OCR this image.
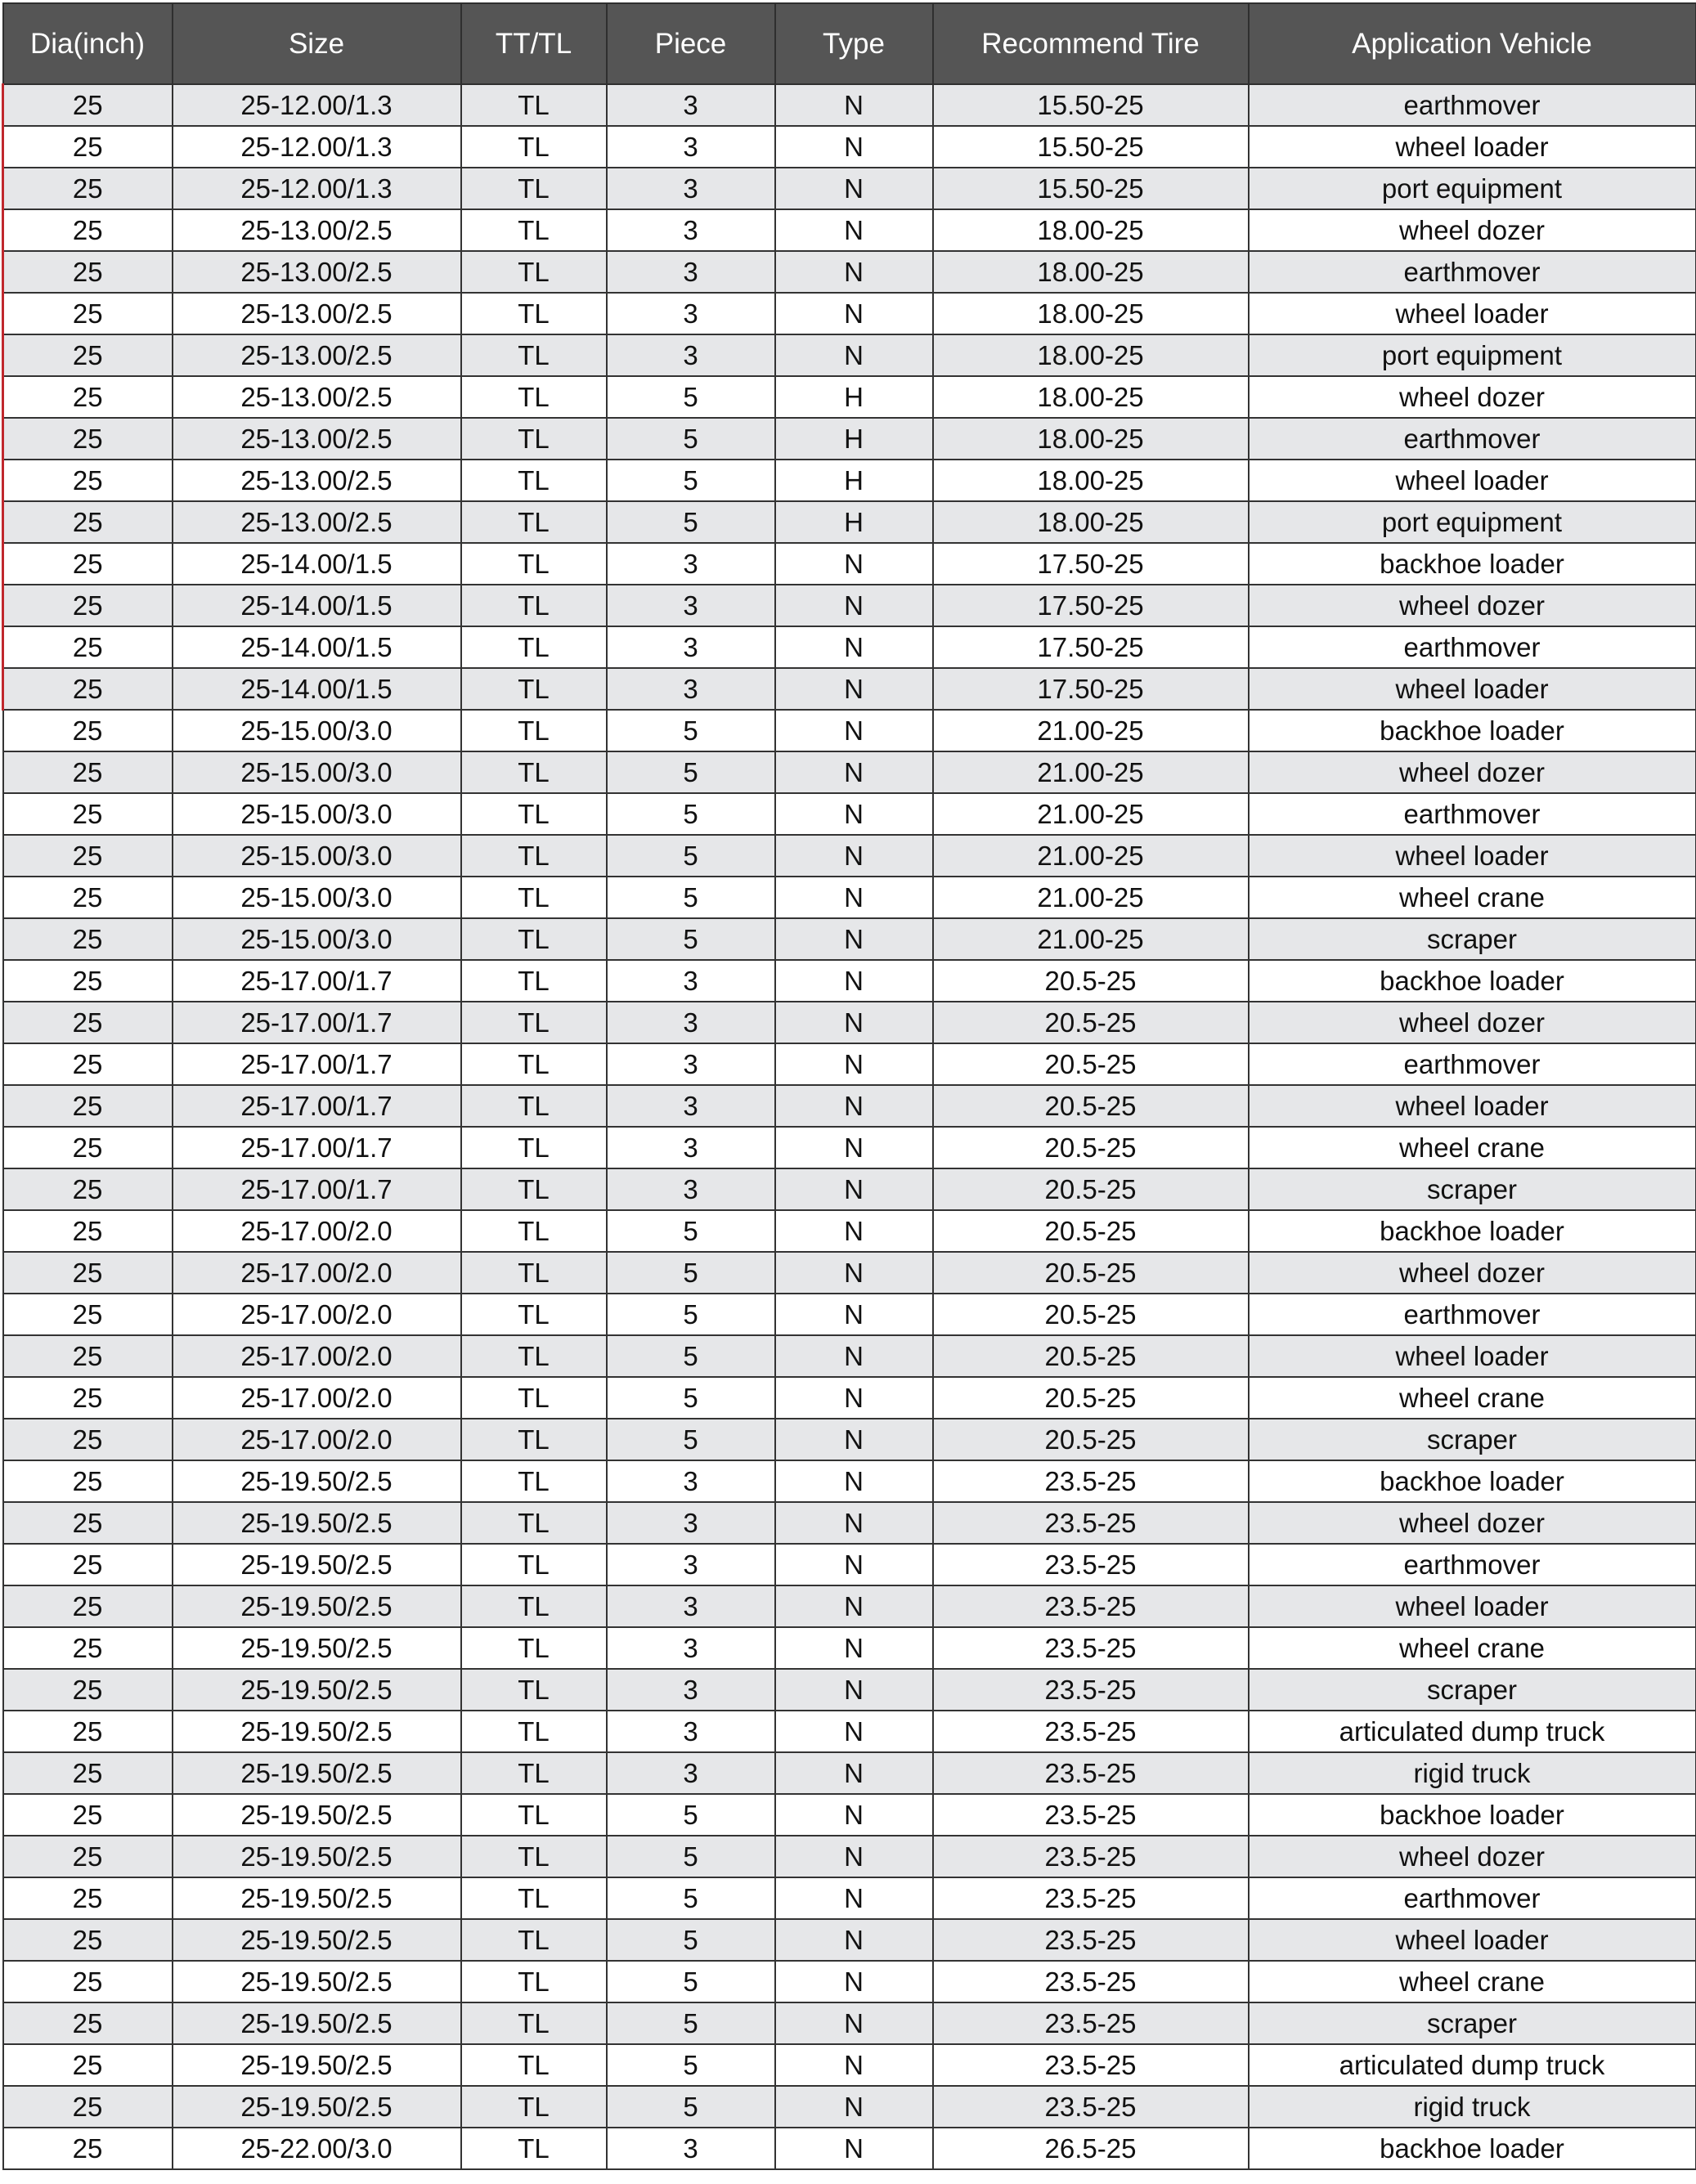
Dia(inch)	Size	TT/TL	Piece	Type	Recommend Tire	Application Vehicle
25	25-12.00/1.3	TL	3	N	15.50-25	earthmover
25	25-12.00/1.3	TL	3	N	15.50-25	wheel loader
25	25-12.00/1.3	TL	3	N	15.50-25	port equipment
25	25-13.00/2.5	TL	3	N	18.00-25	wheel dozer
25	25-13.00/2.5	TL	3	N	18.00-25	earthmover
25	25-13.00/2.5	TL	3	N	18.00-25	wheel loader
25	25-13.00/2.5	TL	3	N	18.00-25	port equipment
25	25-13.00/2.5	TL	5	H	18.00-25	wheel dozer
25	25-13.00/2.5	TL	5	H	18.00-25	earthmover
25	25-13.00/2.5	TL	5	H	18.00-25	wheel loader
25	25-13.00/2.5	TL	5	H	18.00-25	port equipment
25	25-14.00/1.5	TL	3	N	17.50-25	backhoe loader
25	25-14.00/1.5	TL	3	N	17.50-25	wheel dozer
25	25-14.00/1.5	TL	3	N	17.50-25	earthmover
25	25-14.00/1.5	TL	3	N	17.50-25	wheel loader
25	25-15.00/3.0	TL	5	N	21.00-25	backhoe loader
25	25-15.00/3.0	TL	5	N	21.00-25	wheel dozer
25	25-15.00/3.0	TL	5	N	21.00-25	earthmover
25	25-15.00/3.0	TL	5	N	21.00-25	wheel loader
25	25-15.00/3.0	TL	5	N	21.00-25	wheel crane
25	25-15.00/3.0	TL	5	N	21.00-25	scraper
25	25-17.00/1.7	TL	3	N	20.5-25	backhoe loader
25	25-17.00/1.7	TL	3	N	20.5-25	wheel dozer
25	25-17.00/1.7	TL	3	N	20.5-25	earthmover
25	25-17.00/1.7	TL	3	N	20.5-25	wheel loader
25	25-17.00/1.7	TL	3	N	20.5-25	wheel crane
25	25-17.00/1.7	TL	3	N	20.5-25	scraper
25	25-17.00/2.0	TL	5	N	20.5-25	backhoe loader
25	25-17.00/2.0	TL	5	N	20.5-25	wheel dozer
25	25-17.00/2.0	TL	5	N	20.5-25	earthmover
25	25-17.00/2.0	TL	5	N	20.5-25	wheel loader
25	25-17.00/2.0	TL	5	N	20.5-25	wheel crane
25	25-17.00/2.0	TL	5	N	20.5-25	scraper
25	25-19.50/2.5	TL	3	N	23.5-25	backhoe loader
25	25-19.50/2.5	TL	3	N	23.5-25	wheel dozer
25	25-19.50/2.5	TL	3	N	23.5-25	earthmover
25	25-19.50/2.5	TL	3	N	23.5-25	wheel loader
25	25-19.50/2.5	TL	3	N	23.5-25	wheel crane
25	25-19.50/2.5	TL	3	N	23.5-25	scraper
25	25-19.50/2.5	TL	3	N	23.5-25	articulated dump truck
25	25-19.50/2.5	TL	3	N	23.5-25	rigid truck
25	25-19.50/2.5	TL	5	N	23.5-25	backhoe loader
25	25-19.50/2.5	TL	5	N	23.5-25	wheel dozer
25	25-19.50/2.5	TL	5	N	23.5-25	earthmover
25	25-19.50/2.5	TL	5	N	23.5-25	wheel loader
25	25-19.50/2.5	TL	5	N	23.5-25	wheel crane
25	25-19.50/2.5	TL	5	N	23.5-25	scraper
25	25-19.50/2.5	TL	5	N	23.5-25	articulated dump truck
25	25-19.50/2.5	TL	5	N	23.5-25	rigid truck
25	25-22.00/3.0	TL	3	N	26.5-25	backhoe loader
